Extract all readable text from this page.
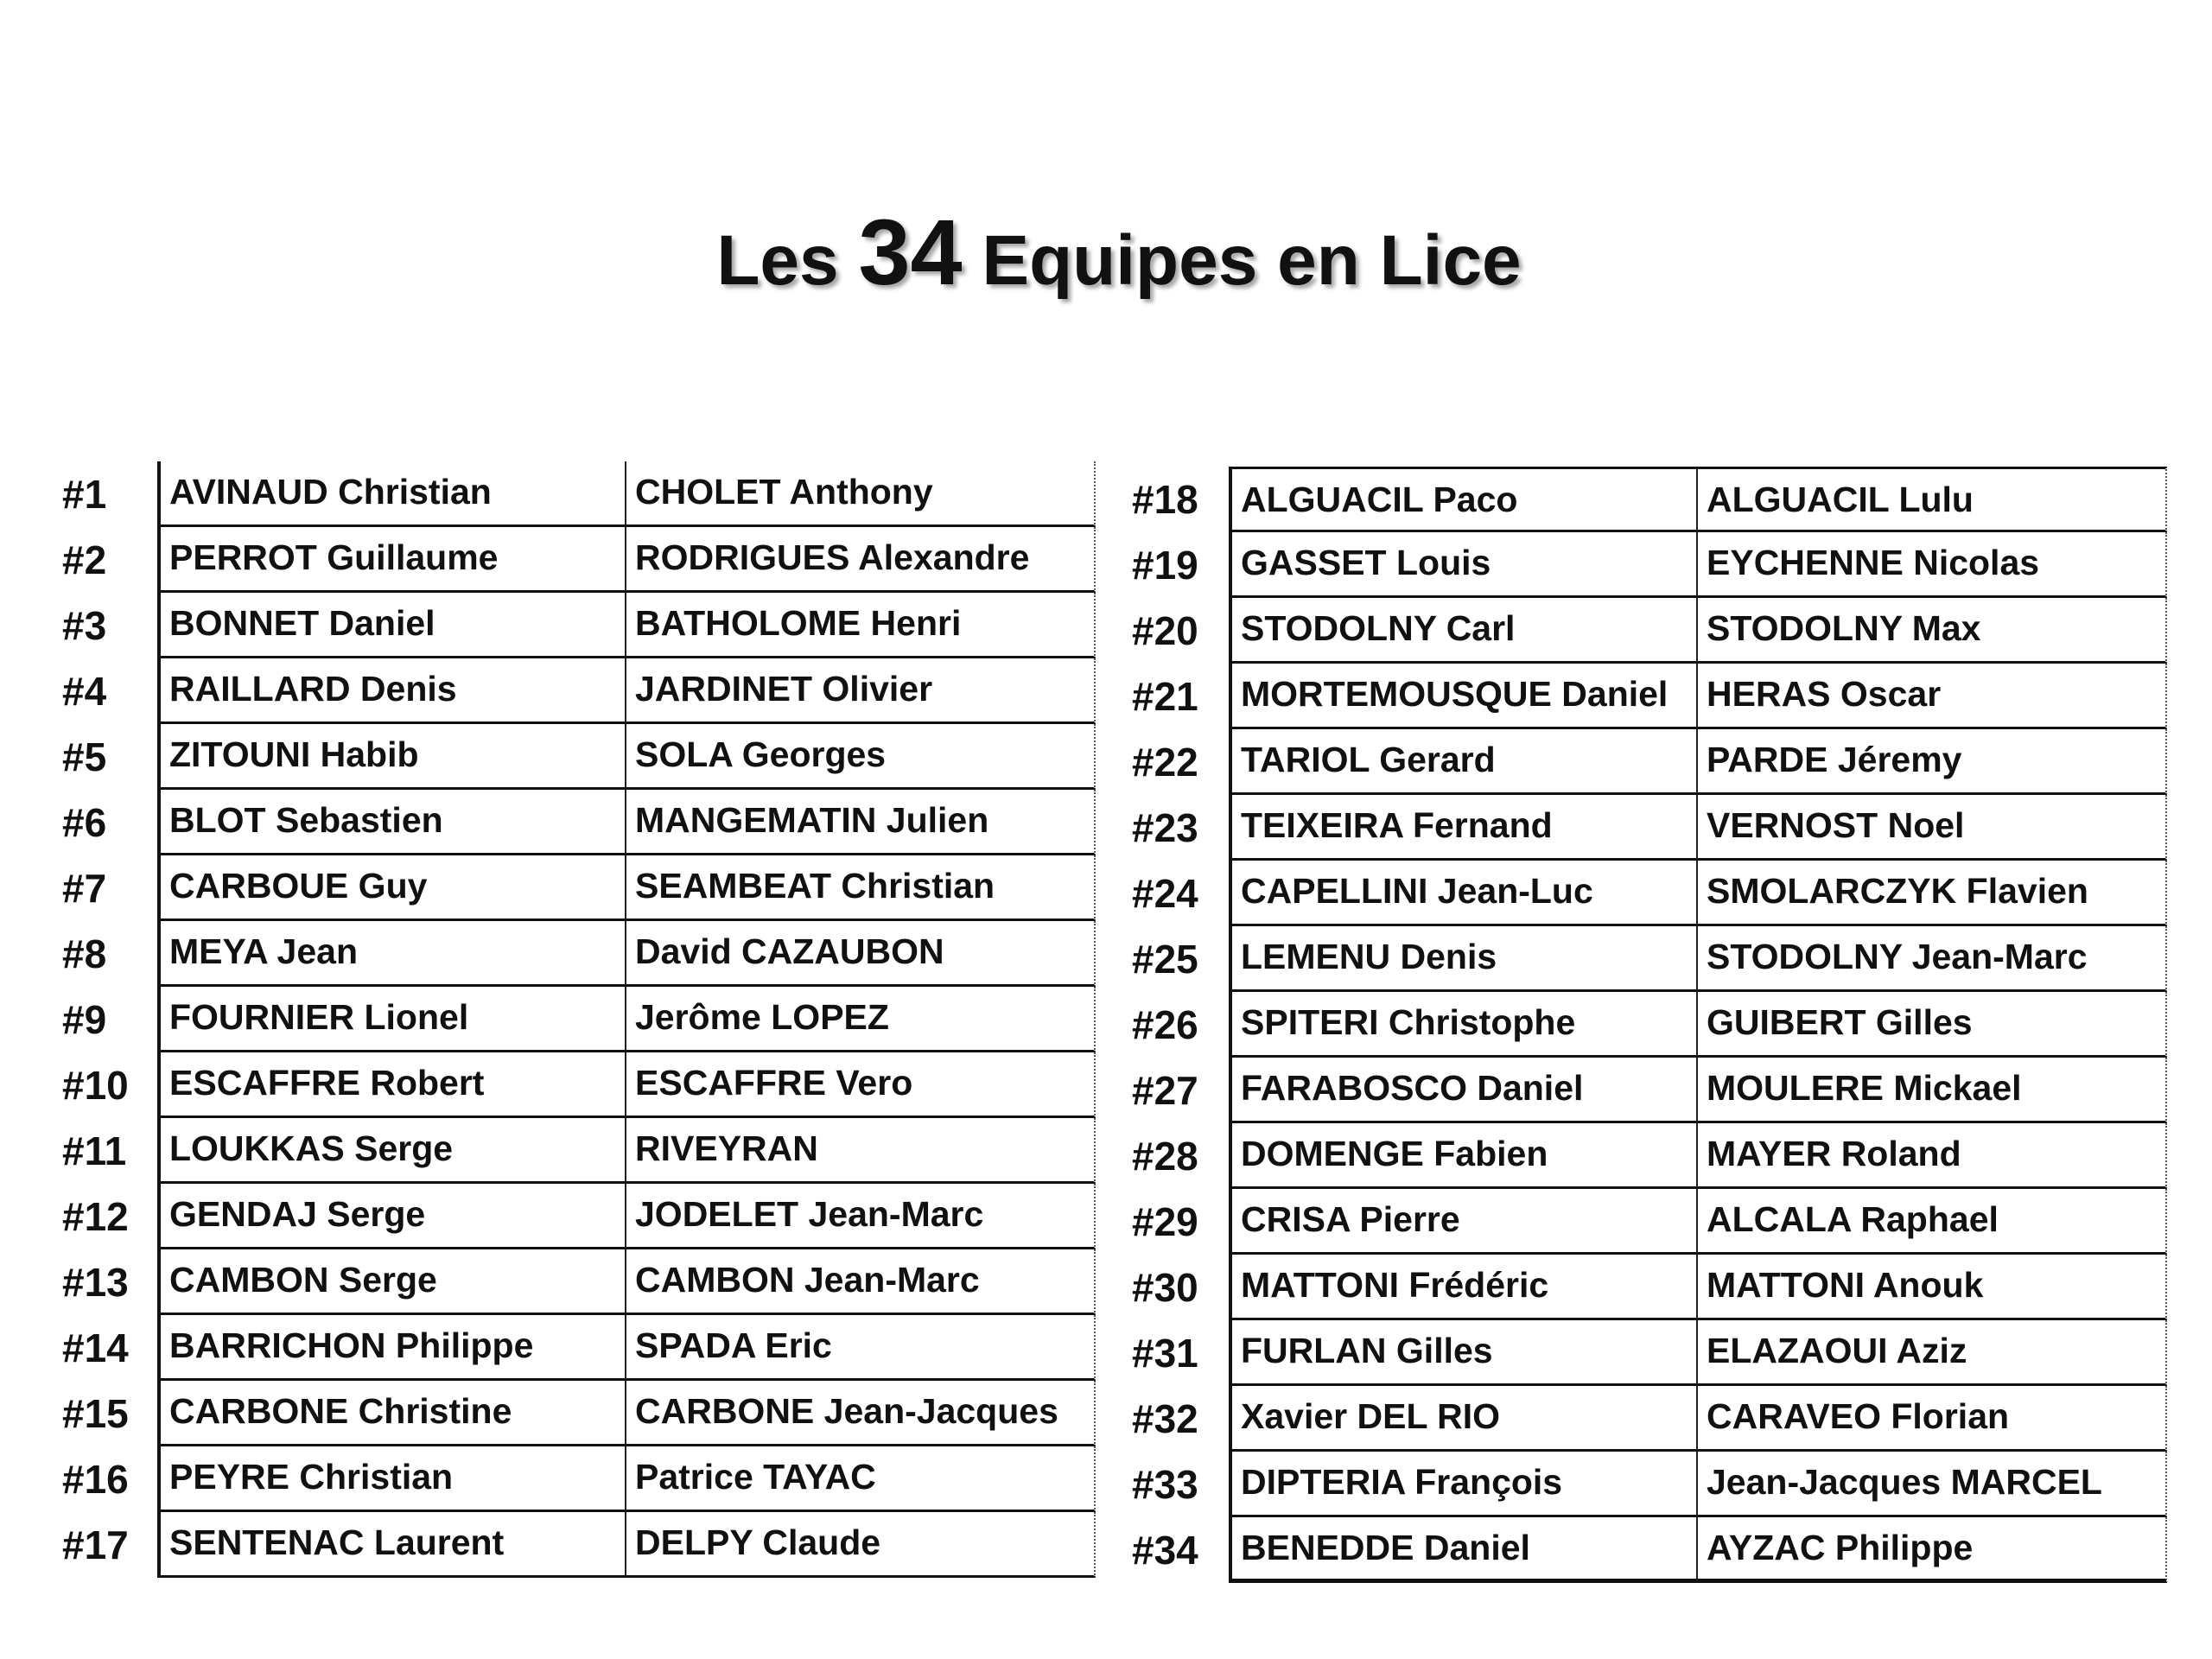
Les 34 Equipes en Lice
#1	AVINAUD Christian	CHOLET Anthony
#2	PERROT Guillaume	RODRIGUES Alexandre
#3	BONNET Daniel	BATHOLOME Henri
#4	RAILLARD Denis	JARDINET Olivier
#5	ZITOUNI Habib	SOLA Georges
#6	BLOT Sebastien	MANGEMATIN Julien
#7	CARBOUE Guy	SEAMBEAT Christian
#8	MEYA Jean	David CAZAUBON
#9	FOURNIER Lionel	Jerôme LOPEZ
#10	ESCAFFRE Robert	ESCAFFRE Vero
#11	LOUKKAS Serge	RIVEYRAN
#12	GENDAJ Serge	JODELET Jean-Marc
#13	CAMBON Serge	CAMBON Jean-Marc
#14	BARRICHON Philippe	SPADA Eric
#15	CARBONE Christine	CARBONE Jean-Jacques
#16	PEYRE Christian	Patrice TAYAC
#17	SENTENAC Laurent	DELPY Claude
#18	ALGUACIL Paco	ALGUACIL Lulu
#19	GASSET Louis	EYCHENNE Nicolas
#20	STODOLNY Carl	STODOLNY Max
#21	MORTEMOUSQUE Daniel	HERAS Oscar
#22	TARIOL Gerard	PARDE Jéremy
#23	TEIXEIRA Fernand	VERNOST Noel
#24	CAPELLINI Jean-Luc	SMOLARCZYK Flavien
#25	LEMENU Denis	STODOLNY Jean-Marc
#26	SPITERI Christophe	GUIBERT Gilles
#27	FARABOSCO Daniel	MOULERE Mickael
#28	DOMENGE Fabien	MAYER Roland
#29	CRISA Pierre	ALCALA Raphael
#30	MATTONI Frédéric	MATTONI Anouk
#31	FURLAN Gilles	ELAZAOUI Aziz
#32	Xavier DEL RIO	CARAVEO Florian
#33	DIPTERIA François	Jean-Jacques MARCEL
#34	BENEDDE Daniel	AYZAC Philippe
